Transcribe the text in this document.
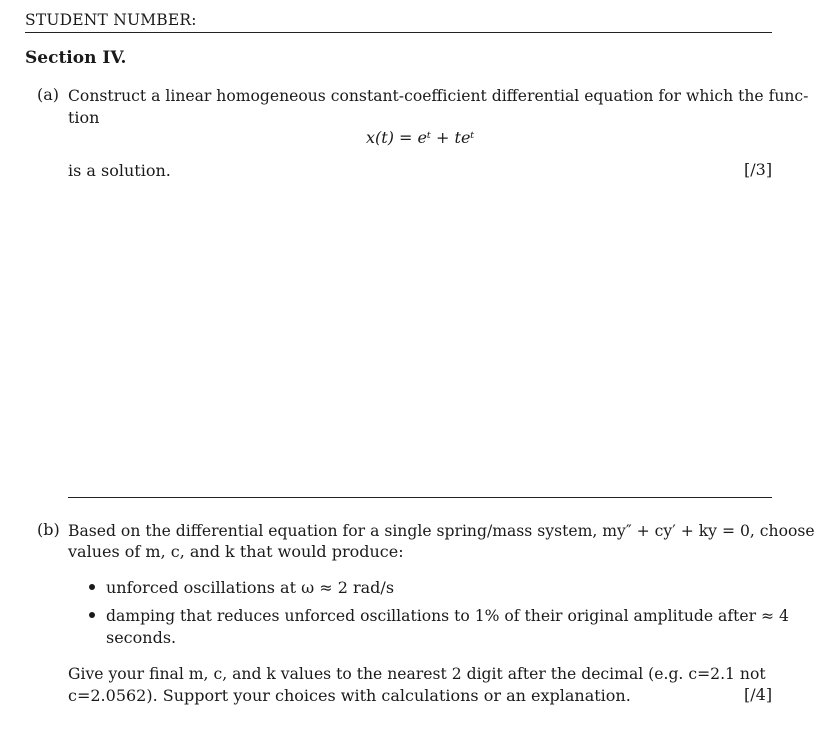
STUDENT NUMBER:
Section IV.
(a) Construct a linear homogeneous constant-coefficient differential equation for which the func-
tion
x(t) = eᵗ + teᵗ
is a solution.	[/3]
(b) Based on the differential equation for a single spring/mass system, my″ + cy′ + ky = 0, choose
values of m, c, and k that would produce:
unforced oscillations at ω ≈ 2 rad/s
damping that reduces unforced oscillations to 1% of their original amplitude after ≈ 4
seconds.
Give your final m, c, and k values to the nearest 2 digit after the decimal (e.g. c=2.1 not
c=2.0562). Support your choices with calculations or an explanation.	[/4]
